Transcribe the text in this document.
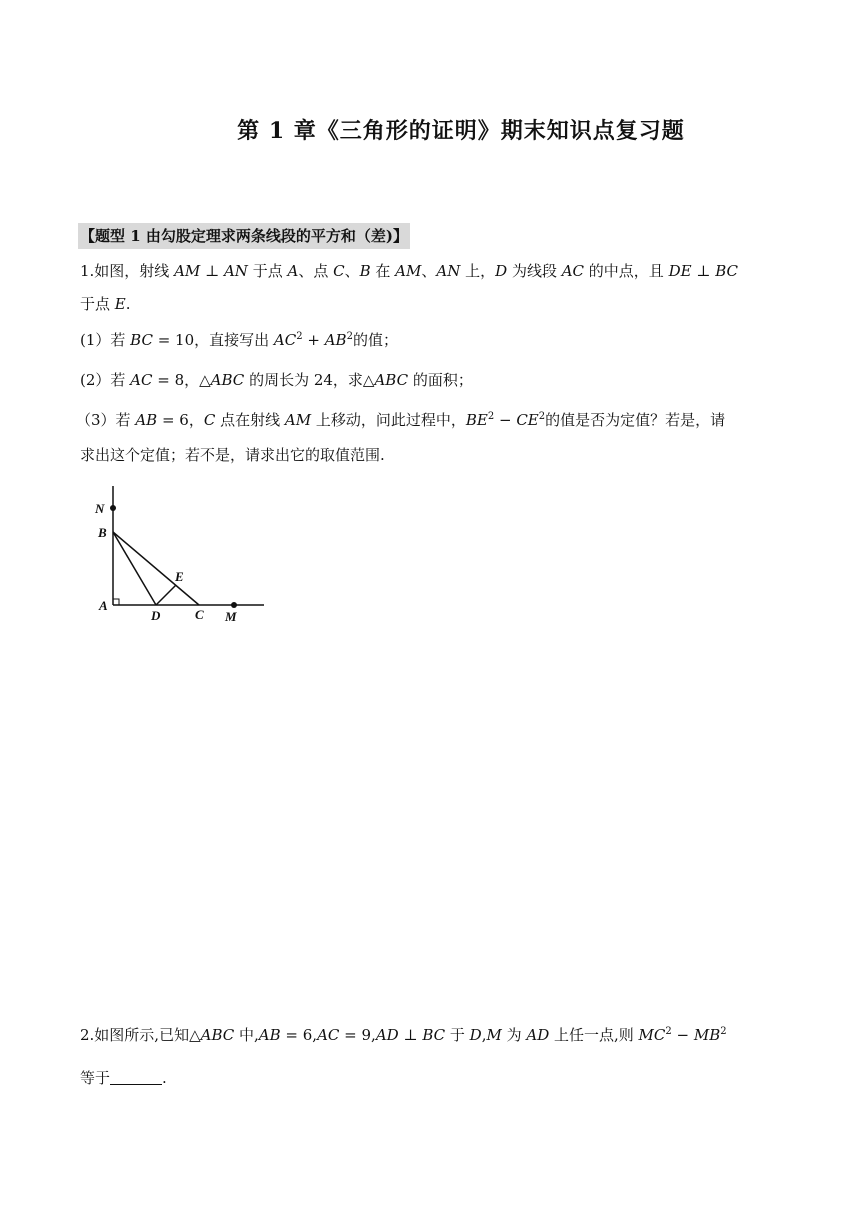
第 1 章《三角形的证明》期末知识点复习题
【题型 1 由勾股定理求两条线段的平方和（差)】
1.如图，射线 AM ⊥ AN 于点 A、点 C、B 在 AM、AN 上，D 为线段 AC 的中点，且 DE ⊥ BC
于点 E.
(1）若 BC = 10，直接写出 $AC^2 + AB^2$的值；
(2）若 AC = 8，△ABC 的周长为 24，求△ABC 的面积；
（3）若 AB = 6，C 点在射线 AM 上移动，问此过程中，$BE^2 - CE^2$的值是否为定值？若是，请
求出这个定值；若不是，请求出它的取值范围.
N
B
E
A
D	C M
2.如图所示,已知△ABC 中,AB = 6,AC = 9,AD ⊥ BC 于 D,M 为 AD 上任一点,则 $MC^2 - MB^2$
等于	.
